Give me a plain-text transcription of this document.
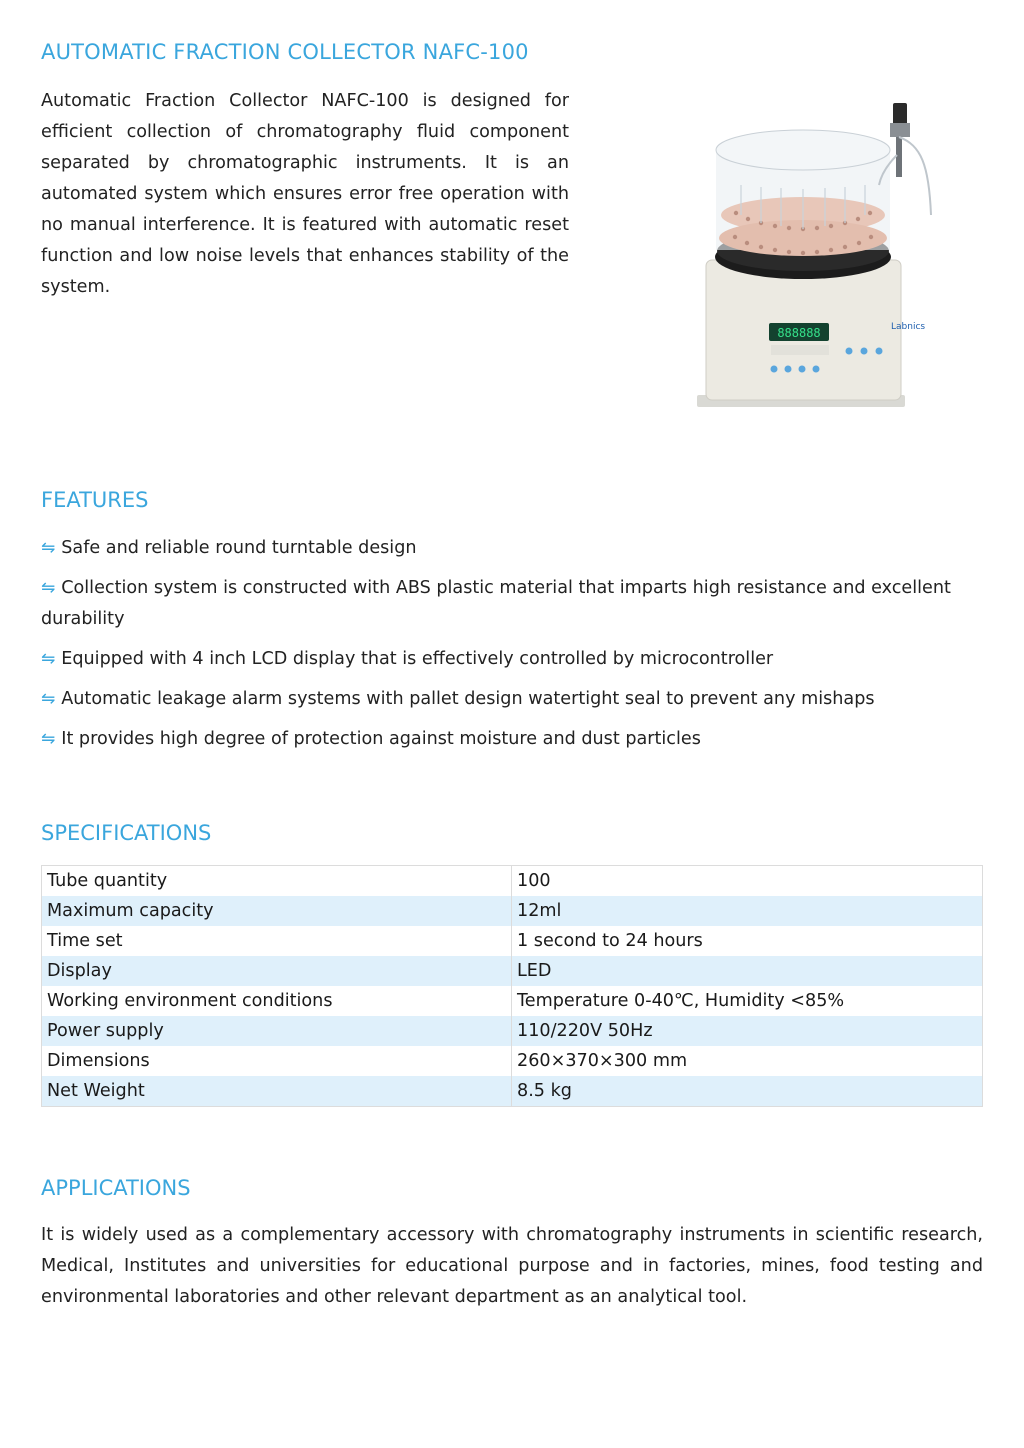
AUTOMATIC FRACTION COLLECTOR NAFC-100

Automatic Fraction Collector NAFC-100 is designed for efficient collection of chromatography fluid component separated by chromatographic instruments. It is an automated system which ensures error free operation with no manual interference. It is featured with automatic reset function and low noise levels that enhances stability of the system.

888888	Labnics
FEATURES
⇋ Safe and reliable round turntable design
⇋ Collection system is constructed with ABS plastic material that imparts high resistance and excellent durability
⇋ Equipped with 4 inch LCD display that is effectively controlled by microcontroller
⇋ Automatic leakage alarm systems with pallet design watertight seal to prevent any mishaps
⇋ It provides high degree of protection against moisture and dust particles
SPECIFICATIONS
Tube quantity	100
Maximum capacity	12ml
Time set	1 second to 24 hours
Display	LED
Working environment conditions	Temperature 0-40℃, Humidity <85%
Power supply	110/220V 50Hz
Dimensions	260×370×300 mm
Net Weight	8.5 kg
APPLICATIONS

It is widely used as a complementary accessory with chromatography instruments in scientific research, Medical, Institutes and universities for educational purpose and in factories, mines, food testing and environmental laboratories and other relevant department as an analytical tool.
